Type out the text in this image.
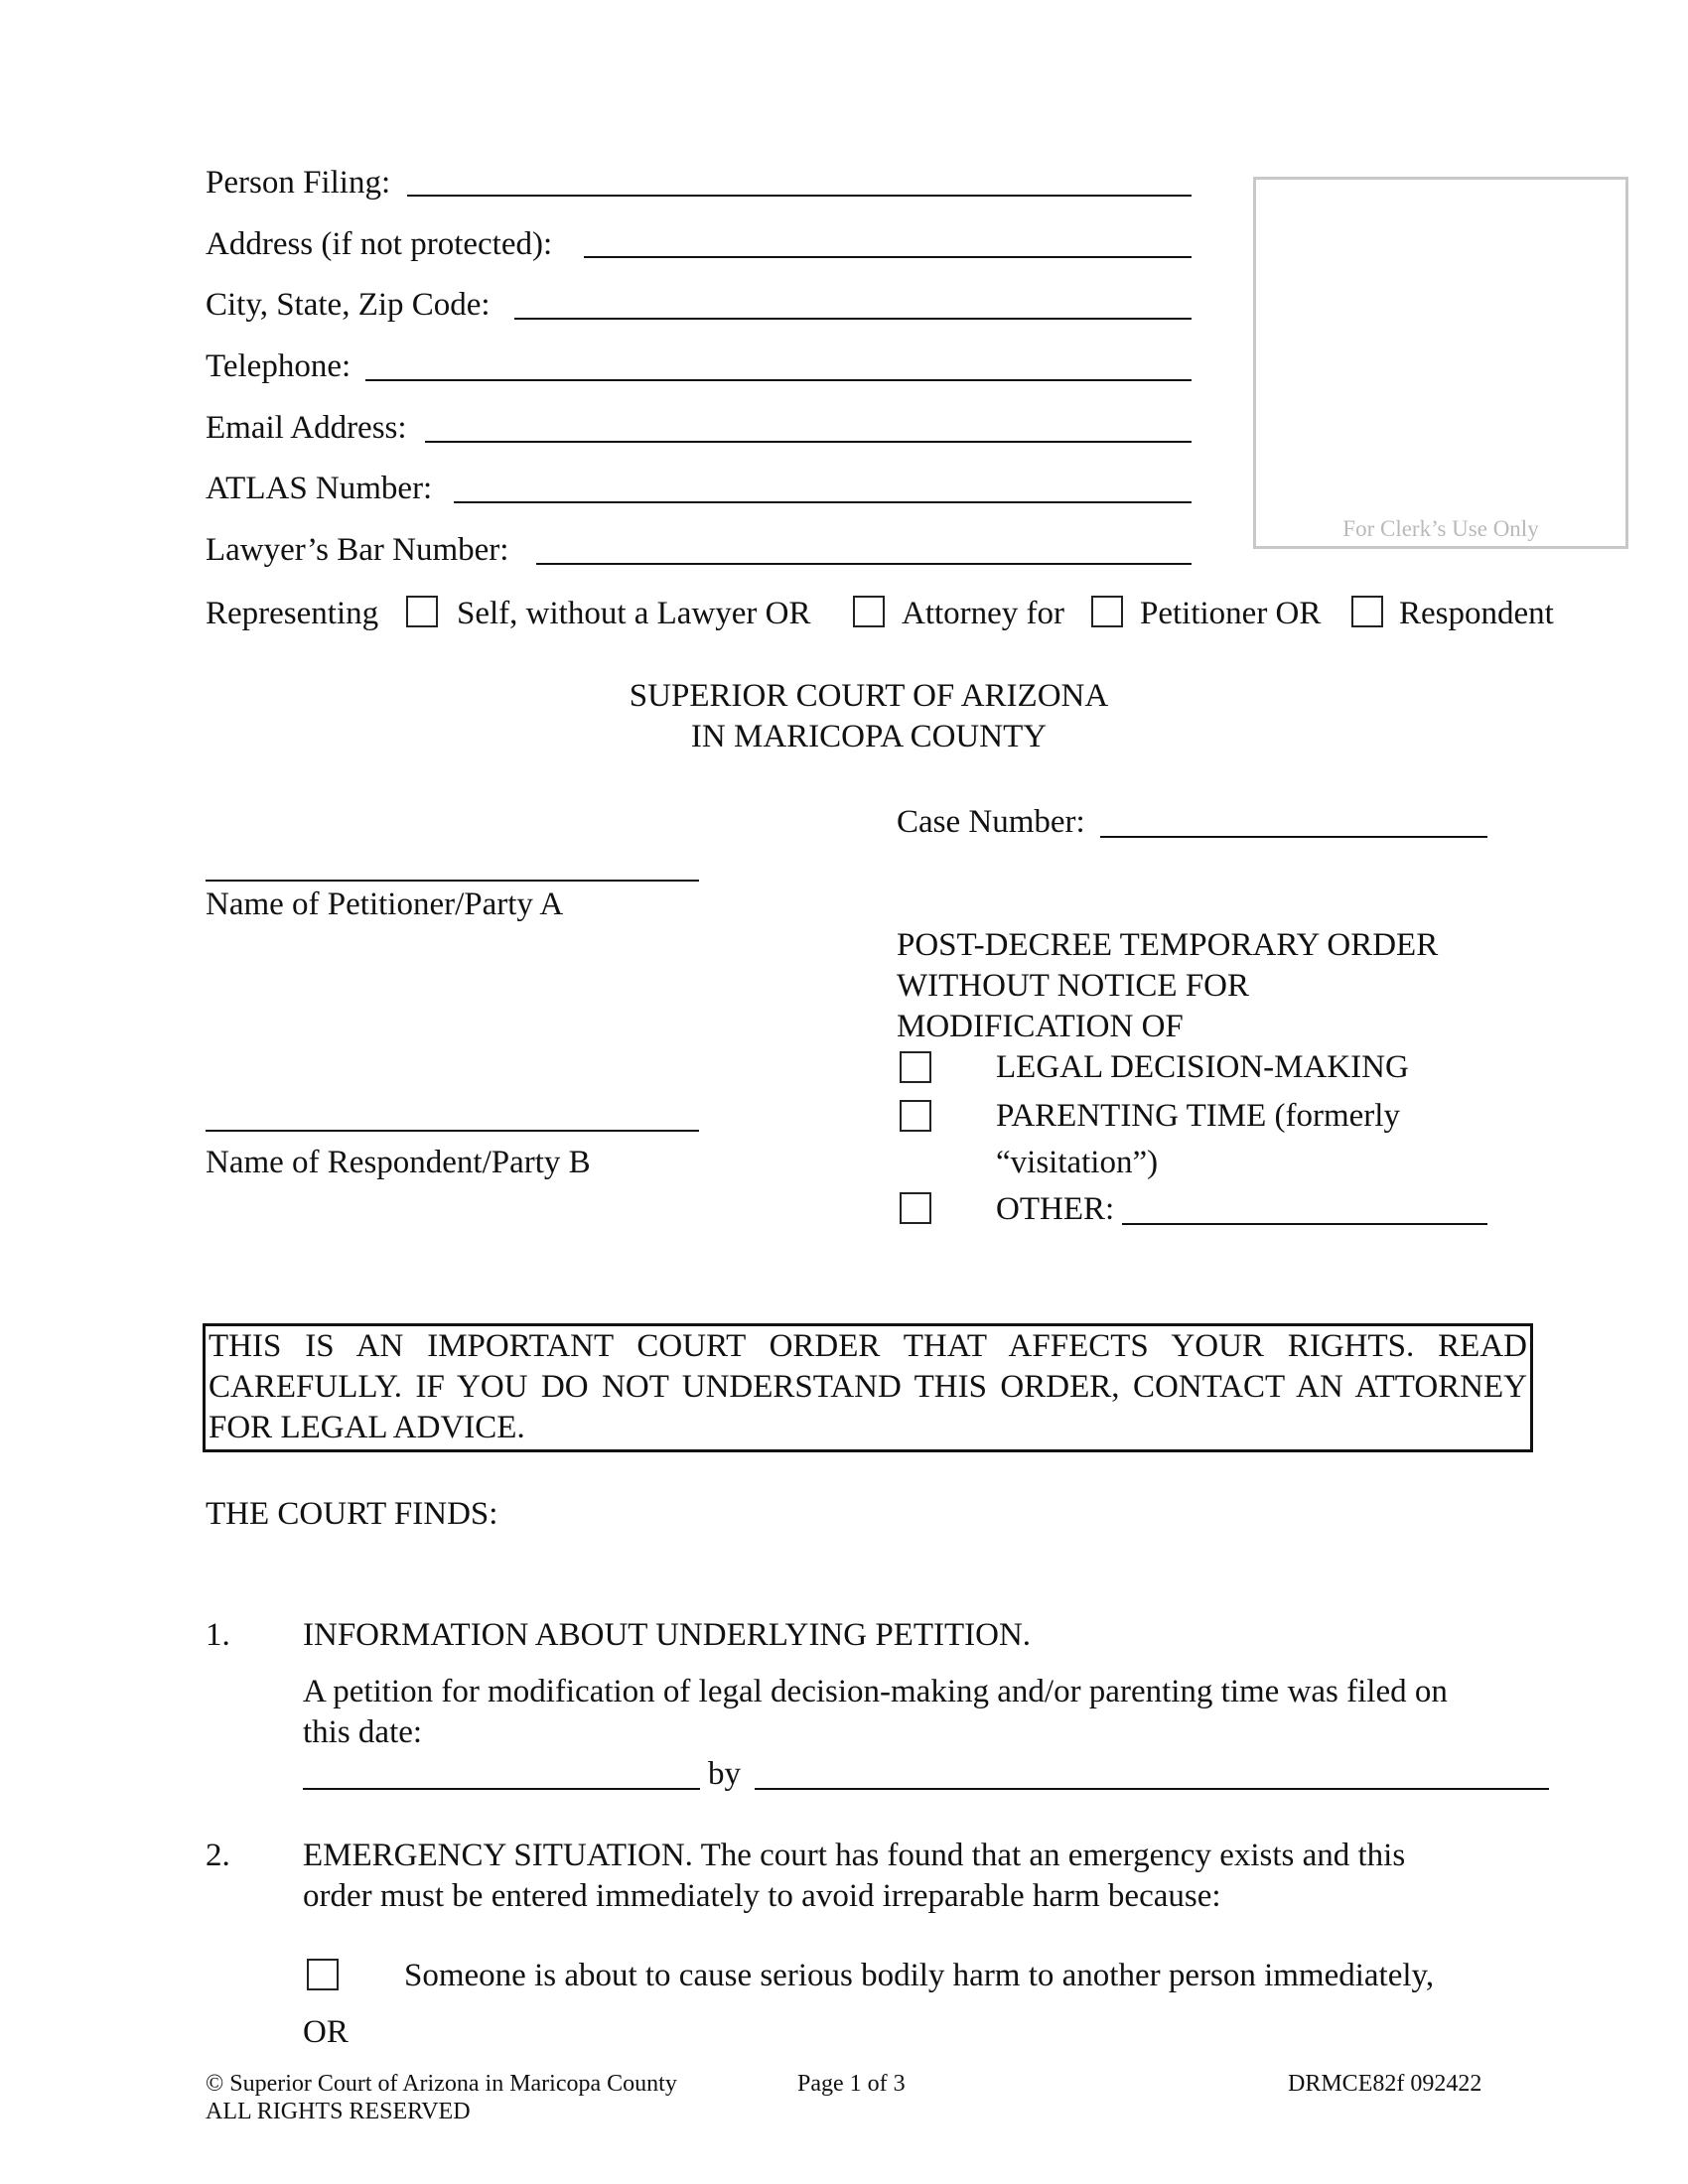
Person Filing:
Address (if not protected):
City, State, Zip Code:
Telephone:
Email Address:
ATLAS Number:
Lawyer’s Bar Number:
For Clerk’s Use Only
Representing Self, without a Lawyer OR	Attorney for Petitioner OR Respondent
SUPERIOR COURT OF ARIZONA
IN MARICOPA COUNTY
Case Number:
Name of Petitioner/Party A
Name of Respondent/Party B
POST-DECREE TEMPORARY ORDER
WITHOUT NOTICE FOR
MODIFICATION OF
LEGAL DECISION-MAKING
PARENTING TIME (formerly
“visitation”)
OTHER:
THIS IS AN IMPORTANT COURT ORDER THAT AFFECTS YOUR RIGHTS. READ CAREFULLY. IF YOU DO NOT UNDERSTAND THIS ORDER, CONTACT AN ATTORNEY FOR LEGAL ADVICE.
THE COURT FINDS:
1. INFORMATION ABOUT UNDERLYING PETITION.
A petition for modification of legal decision-making and/or parenting time was filed on
this date:
by
2. EMERGENCY SITUATION. The court has found that an emergency exists and this
order must be entered immediately to avoid irreparable harm because:
Someone is about to cause serious bodily harm to another person immediately,
OR
© Superior Court of Arizona in Maricopa County
ALL RIGHTS RESERVED
Page 1 of 3	DRMCE82f 092422
